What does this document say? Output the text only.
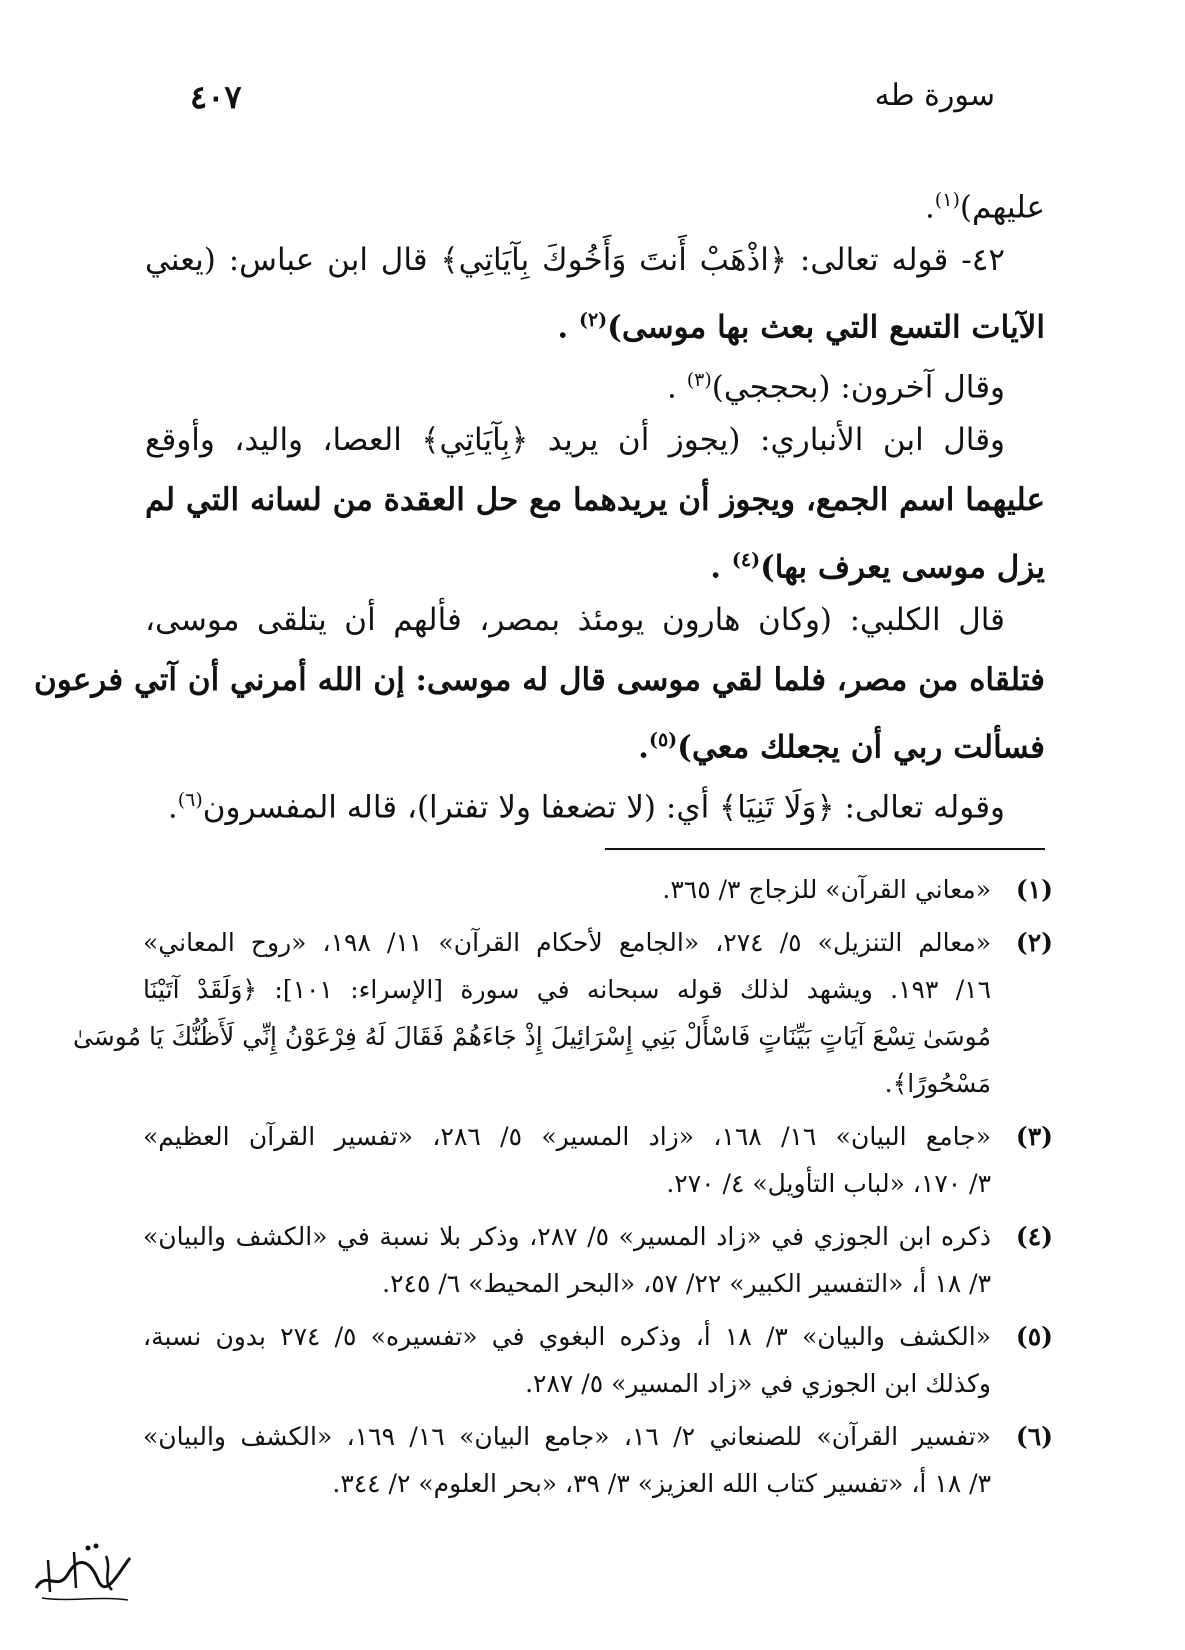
سورة طه
٤٠٧
عليهم)$^{(١)}$.
٤٢- قوله تعالى: ﴿اذْهَبْ أَنتَ وَأَخُوكَ بِآيَاتِي﴾ قال ابن عباس: (يعني
الآيات التسع التي بعث بها موسى)$^{(٢)}$ .
وقال آخرون: (بحججي)$^{(٣)}$ .
وقال ابن الأنباري: (يجوز أن يريد ﴿بِآيَاتِي﴾ العصا، واليد، وأوقع
عليهما اسم الجمع، ويجوز أن يريدهما مع حل العقدة من لسانه التي لم
يزل موسى يعرف بها)$^{(٤)}$ .
قال الكلبي: (وكان هارون يومئذ بمصر، فألهم أن يتلقى موسى،
فتلقاه من مصر، فلما لقي موسى قال له موسى: إن الله أمرني أن آتي فرعون
فسألت ربي أن يجعلك معي)$^{(٥)}$.
وقوله تعالى: ﴿وَلَا تَنِيَا﴾ أي: (لا تضعفا ولا تفترا)، قاله المفسرون$^{(٦)}$.
(١)
«معاني القرآن» للزجاج ٣/ ٣٦٥.
(٢)
«معالم التنزيل» ٥/ ٢٧٤، «الجامع لأحكام القرآن» ١١/ ١٩٨، «روح المعاني»
١٦/ ١٩٣. ويشهد لذلك قوله سبحانه في سورة [الإسراء: ١٠١]: ﴿وَلَقَدْ آتَيْنَا
مُوسَىٰ تِسْعَ آيَاتٍ بَيِّنَاتٍ فَاسْأَلْ بَنِي إِسْرَائِيلَ إِذْ جَاءَهُمْ فَقَالَ لَهُ فِرْعَوْنُ إِنِّي لَأَظُنُّكَ يَا مُوسَىٰ
مَسْحُورًا﴾.
(٣)
«جامع البيان» ١٦/ ١٦٨، «زاد المسير» ٥/ ٢٨٦، «تفسير القرآن العظيم»
٣/ ١٧٠، «لباب التأويل» ٤/ ٢٧٠.
(٤)
ذكره ابن الجوزي في «زاد المسير» ٥/ ٢٨٧، وذكر بلا نسبة في «الكشف والبيان»
٣/ ١٨ أ، «التفسير الكبير» ٢٢/ ٥٧، «البحر المحيط» ٦/ ٢٤٥.
(٥)
«الكشف والبيان» ٣/ ١٨ أ، وذكره البغوي في «تفسيره» ٥/ ٢٧٤ بدون نسبة،
وكذلك ابن الجوزي في «زاد المسير» ٥/ ٢٨٧.
(٦)
«تفسير القرآن» للصنعاني ٢/ ١٦، «جامع البيان» ١٦/ ١٦٩، «الكشف والبيان»
٣/ ١٨ أ، «تفسير كتاب الله العزيز» ٣/ ٣٩، «بحر العلوم» ٢/ ٣٤٤.
